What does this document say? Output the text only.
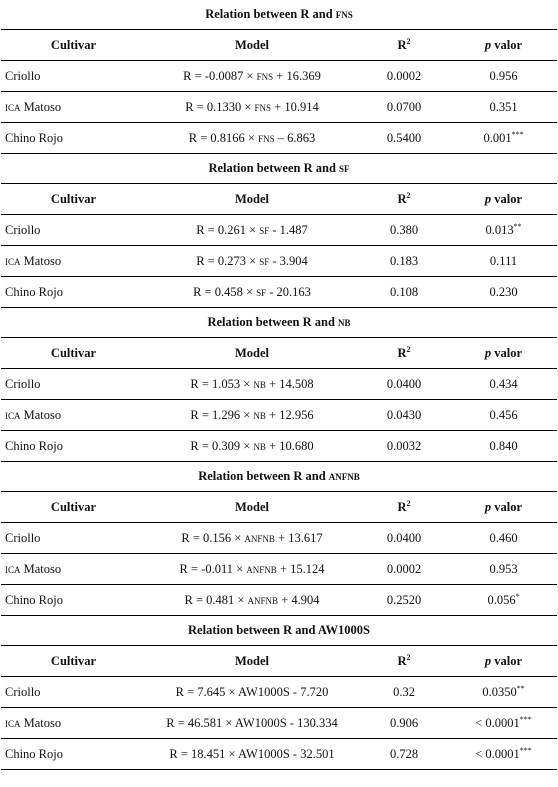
Relation between R and fns			
Cultivar	Model	$R^2$	p valor
Criollo	R = -0.0087 × fns + 16.369	0.0002	0.956
ica Matoso	R = 0.1330 × fns + 10.914	0.0700	0.351
Chino Rojo	R = 0.8166 × fns – 6.863	0.5400	0.001***
Relation between R and sf			
Cultivar	Model	$R^2$	p valor
Criollo	R = 0.261 × sf - 1.487	0.380	0.013**
ica Matoso	R = 0.273 × sf - 3.904	0.183	0.111
Chino Rojo	R = 0.458 × sf - 20.163	0.108	0.230
Relation between R and nb			
Cultivar	Model	$R^2$	p valor
Criollo	R = 1.053 × nb + 14.508	0.0400	0.434
ica Matoso	R = 1.296 × nb + 12.956	0.0430	0.456
Chino Rojo	R = 0.309 × nb + 10.680	0.0032	0.840
Relation between R and anfnb			
Cultivar	Model	$R^2$	p valor
Criollo	R = 0.156 × anfnb + 13.617	0.0400	0.460
ica Matoso	R = -0.011 × anfnb + 15.124	0.0002	0.953
Chino Rojo	R = 0.481 × anfnb + 4.904	0.2520	0.056*
Relation between R and AW1000S			
Cultivar	Model	$R^2$	p valor
Criollo	R = 7.645 × AW1000S - 7.720	0.32	0.0350**
ica Matoso	R = 46.581 × AW1000S - 130.334	0.906	< 0.0001***
Chino Rojo	R = 18.451 × AW1000S - 32.501	0.728	< 0.0001***
